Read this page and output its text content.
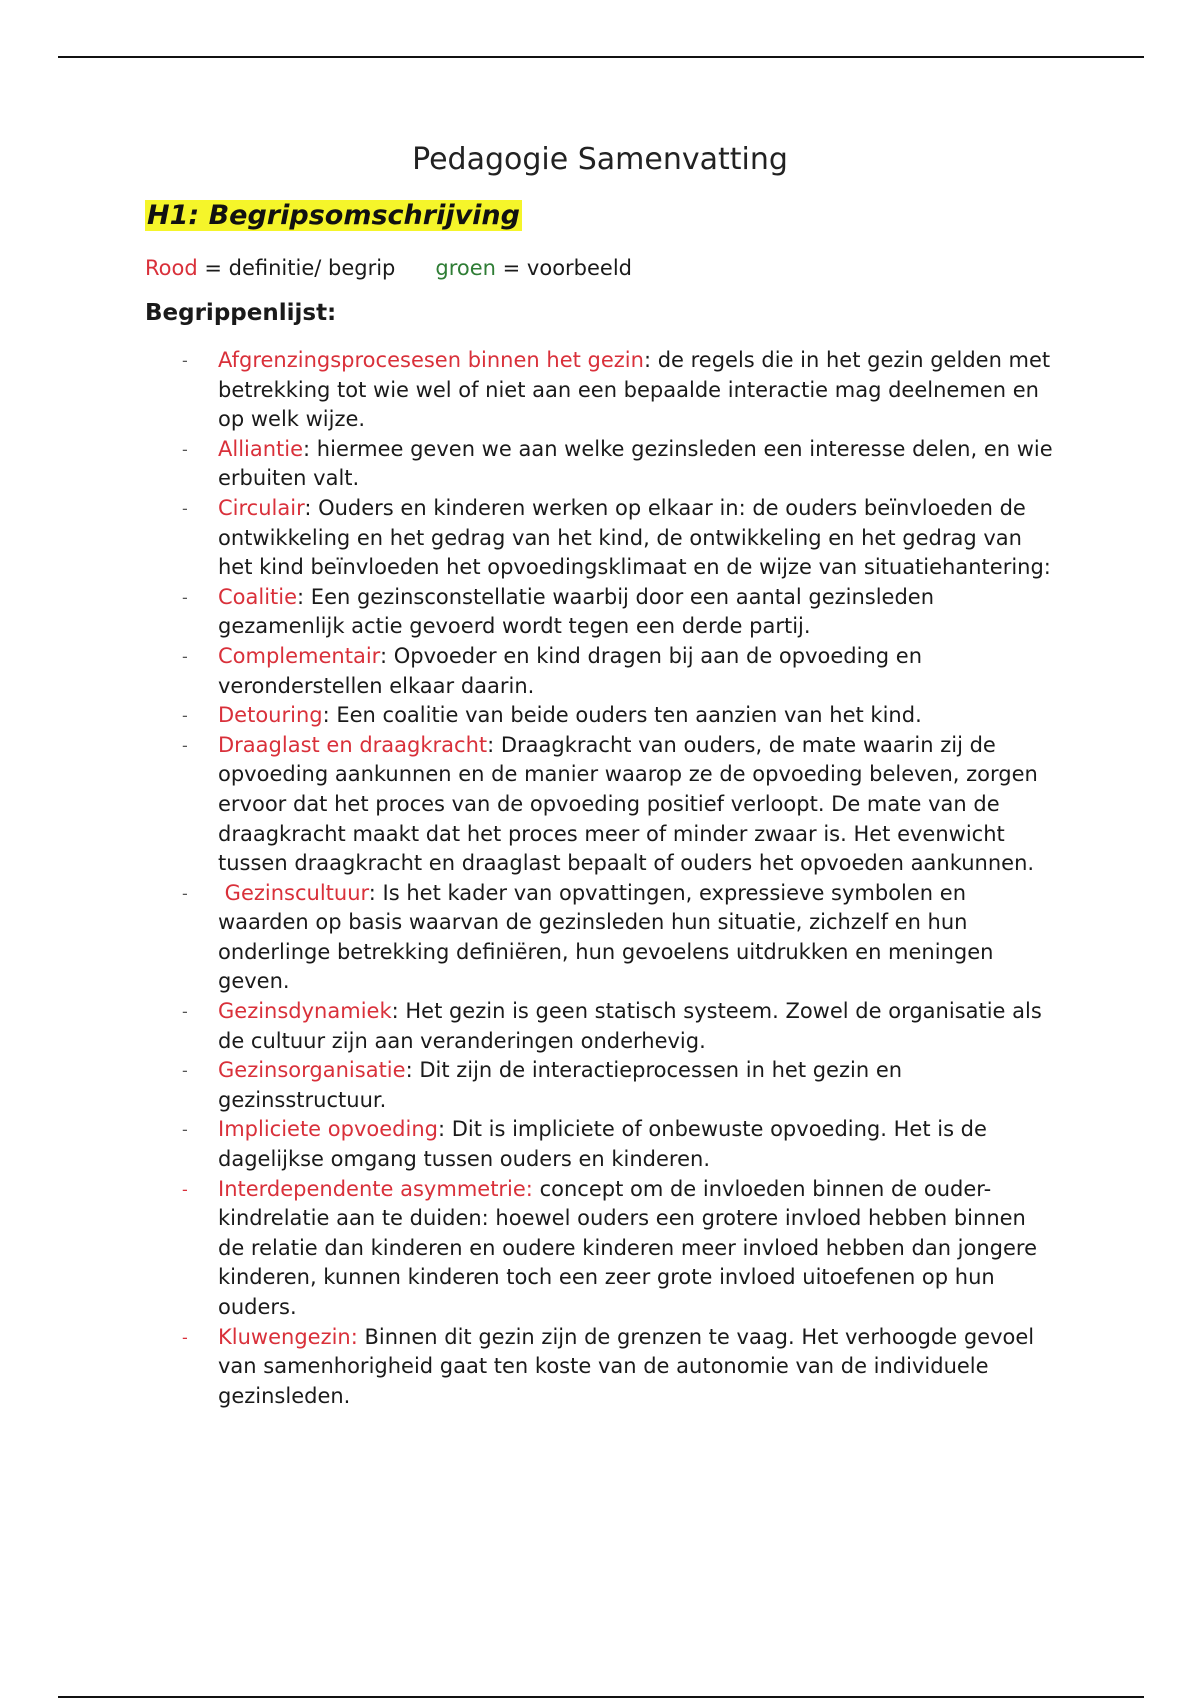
Pedagogie Samenvatting
H1: Begripsomschrijving
Rood = definitie/ begrip groen = voorbeeld
Begrippenlijst:
- Afgrenzingsprocesesen binnen het gezin: de regels die in het gezin gelden met betrekking tot wie wel of niet aan een bepaalde interactie mag deelnemen en op welk wijze.
- Alliantie: hiermee geven we aan welke gezinsleden een interesse delen, en wie erbuiten valt.
- Circulair: Ouders en kinderen werken op elkaar in: de ouders beïnvloeden de ontwikkeling en het gedrag van het kind, de ontwikkeling en het gedrag van het kind beïnvloeden het opvoedingsklimaat en de wijze van situatiehantering:
- Coalitie: Een gezinsconstellatie waarbij door een aantal gezinsleden gezamenlijk actie gevoerd wordt tegen een derde partij.
- Complementair: Opvoeder en kind dragen bij aan de opvoeding en veronderstellen elkaar daarin.
- Detouring: Een coalitie van beide ouders ten aanzien van het kind.
- Draaglast en draagkracht: Draagkracht van ouders, de mate waarin zij de opvoeding aankunnen en de manier waarop ze de opvoeding beleven, zorgen ervoor dat het proces van de opvoeding positief verloopt. De mate van de draagkracht maakt dat het proces meer of minder zwaar is. Het evenwicht tussen draagkracht en draaglast bepaalt of ouders het opvoeden aankunnen.
- Gezinscultuur: Is het kader van opvattingen, expressieve symbolen en waarden op basis waarvan de gezinsleden hun situatie, zichzelf en hun onderlinge betrekking definiëren, hun gevoelens uitdrukken en meningen geven.
- Gezinsdynamiek: Het gezin is geen statisch systeem. Zowel de organisatie als de cultuur zijn aan veranderingen onderhevig.
- Gezinsorganisatie: Dit zijn de interactieprocessen in het gezin en gezinsstructuur.
- Impliciete opvoeding: Dit is impliciete of onbewuste opvoeding. Het is de dagelijkse omgang tussen ouders en kinderen.
- Interdependente asymmetrie: concept om de invloeden binnen de ouder-kindrelatie aan te duiden: hoewel ouders een grotere invloed hebben binnen de relatie dan kinderen en oudere kinderen meer invloed hebben dan jongere kinderen, kunnen kinderen toch een zeer grote invloed uitoefenen op hun ouders.
- Kluwengezin: Binnen dit gezin zijn de grenzen te vaag. Het verhoogde gevoel van samenhorigheid gaat ten koste van de autonomie van de individuele gezinsleden.
